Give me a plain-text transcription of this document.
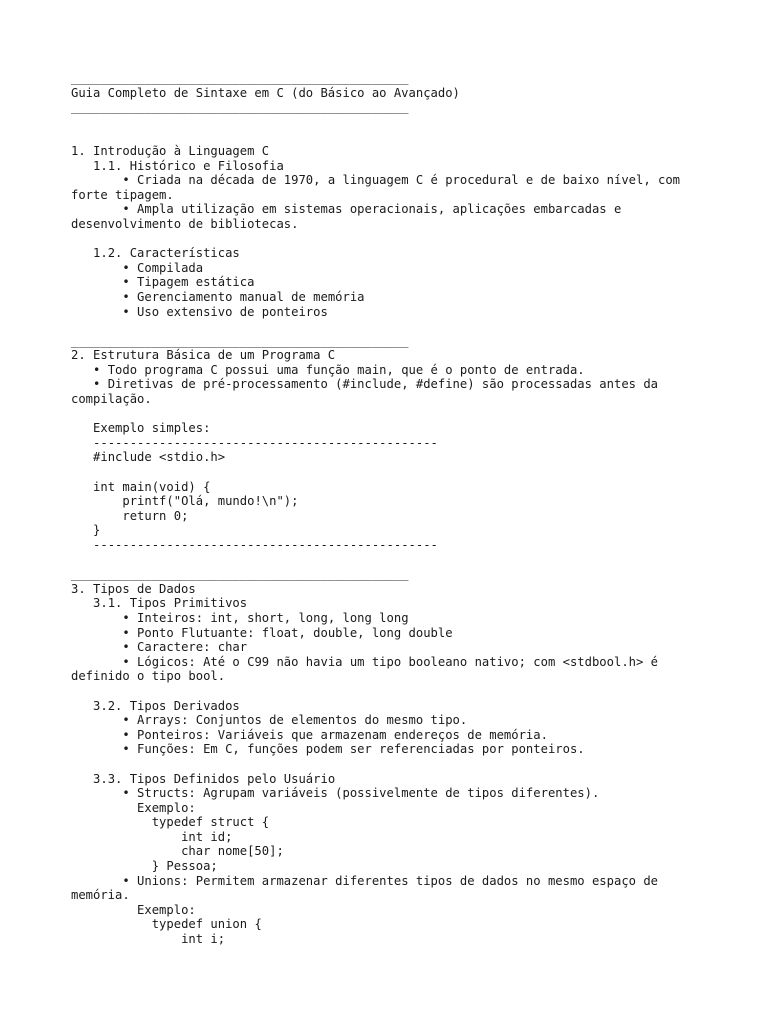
______________________________________________
Guia Completo de Sintaxe em C (do Básico ao Avançado)
______________________________________________
1. Introdução à Linguagem C
1.1. Histórico e Filosofia
• Criada na década de 1970, a linguagem C é procedural e de baixo nível, com forte tipagem.
• Ampla utilização em sistemas operacionais, aplicações embarcadas e desenvolvimento de bibliotecas.
1.2. Características
• Compilada
• Tipagem estática
• Gerenciamento manual de memória
• Uso extensivo de ponteiros
______________________________________________
2. Estrutura Básica de um Programa C
• Todo programa C possui uma função main, que é o ponto de entrada.
• Diretivas de pré-processamento (#include, #define) são processadas antes da compilação.
Exemplo simples:
-----------------------------------------------
#include <stdio.h>
int main(void) {
printf("Olá, mundo!\n");
return 0;
}
-----------------------------------------------
______________________________________________
3. Tipos de Dados
3.1. Tipos Primitivos
• Inteiros: int, short, long, long long
• Ponto Flutuante: float, double, long double
• Caractere: char
• Lógicos: Até o C99 não havia um tipo booleano nativo; com <stdbool.h> é definido o tipo bool.
3.2. Tipos Derivados
• Arrays: Conjuntos de elementos do mesmo tipo.
• Ponteiros: Variáveis que armazenam endereços de memória.
• Funções: Em C, funções podem ser referenciadas por ponteiros.
3.3. Tipos Definidos pelo Usuário
• Structs: Agrupam variáveis (possivelmente de tipos diferentes).
Exemplo:
typedef struct {
int id;
char nome[50];
} Pessoa;
• Unions: Permitem armazenar diferentes tipos de dados no mesmo espaço de memória.
Exemplo:
typedef union {
int i;
